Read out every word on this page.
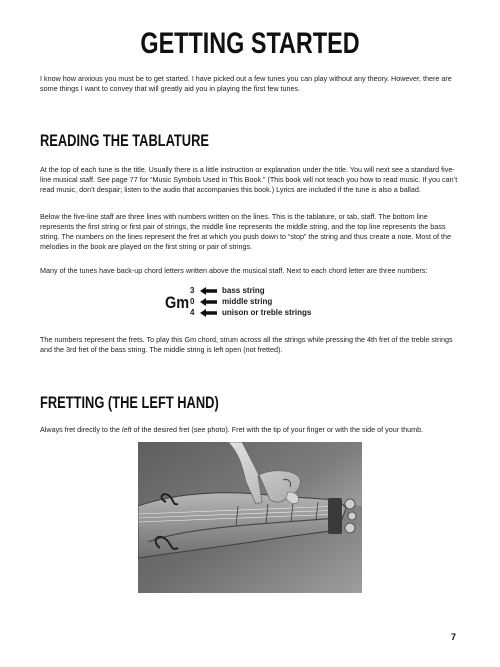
GETTING STARTED

I know how anxious you must be to get started. I have picked out a few tunes you can play without any theory. However, there are some things I want to convey that will greatly aid you in playing the first few tunes.

READING THE TABLATURE

At the top of each tune is the title. Usually there is a little instruction or explanation under the title. You will next see a standard five-line musical staff. See page 77 for “Music Symbols Used in This Book.” (This book will not teach you how to read music. If you can’t read music, don’t despair; listen to the audio that accompanies this book.) Lyrics are included if the tune is also a ballad.

Below the five-line staff are three lines with numbers written on the lines. This is the tablature, or tab, staff. The bottom line represents the first string or first pair of strings, the middle line represents the middle string, and the top line represents the bass string. The numbers on the lines represent the fret at which you push down to “stop” the string and thus create a note. Most of the melodies in the book are played on the first string or pair of strings.

Many of the tunes have back-up chord letters written above the musical staff. Next to each chord letter are three numbers:

Gm
3	bass string
0	middle string
4	unison or treble strings

The numbers represent the frets. To play this Gm chord, strum across all the strings while pressing the 4th fret of the treble strings and the 3rd fret of the bass string. The middle string is left open (not fretted).

FRETTING (THE LEFT HAND)

Always fret directly to the left of the desired fret (see photo). Fret with the tip of your finger or with the side of your thumb.

7
